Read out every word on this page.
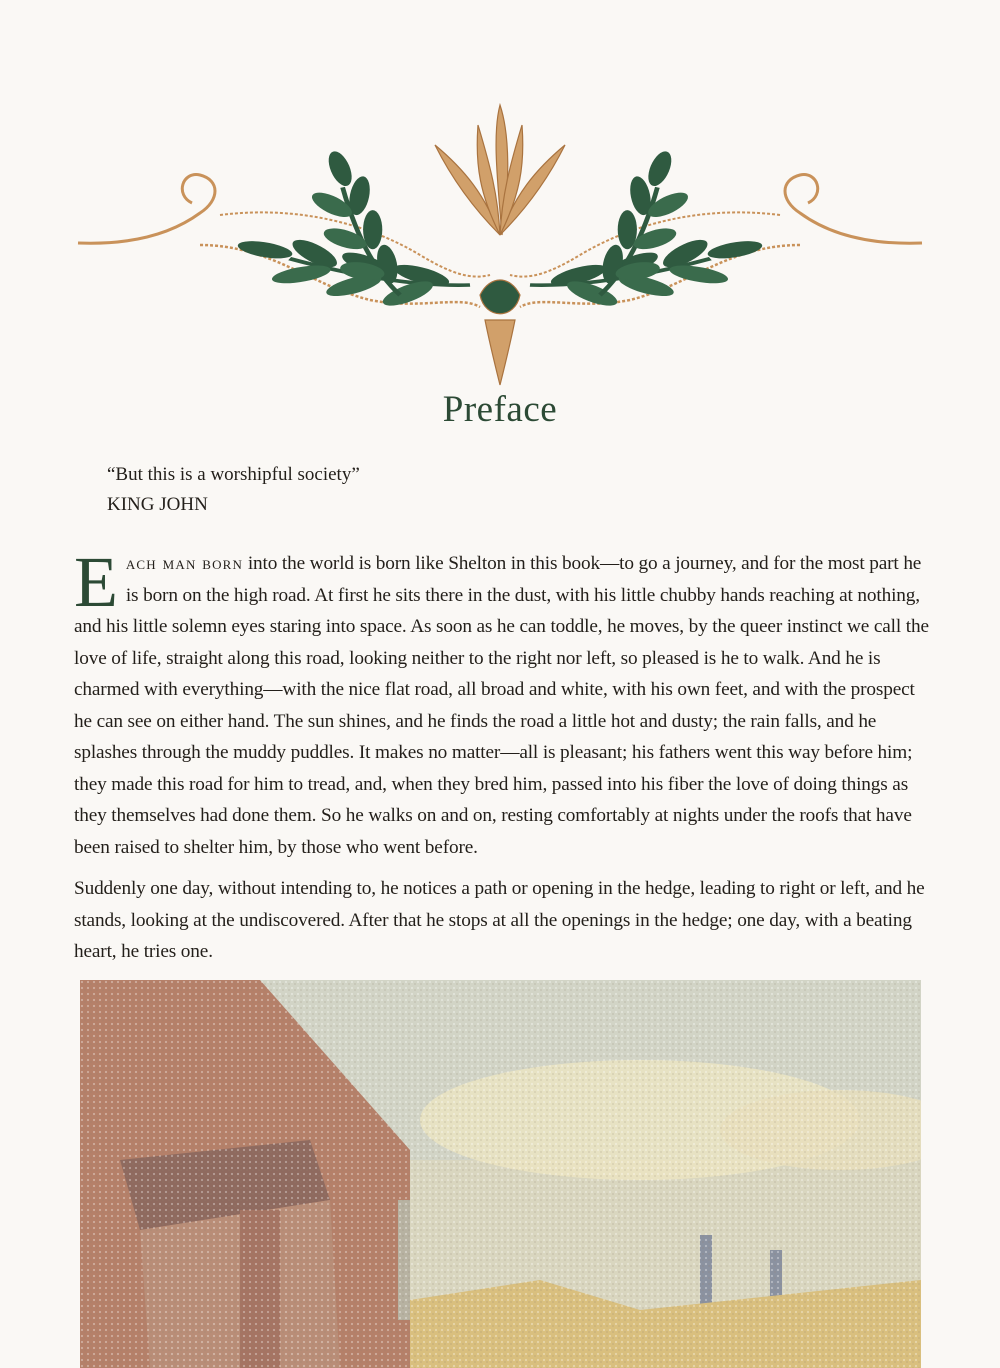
Preface
“But this is a worshipful society”
KING JOHN

Each man born into the world is born like Shelton in this book—to go a journey, and for the most part he is born on the high road. At first he sits there in the dust, with his little chubby hands reaching at nothing, and his little solemn eyes staring into space. As soon as he can toddle, he moves, by the queer instinct we call the love of life, straight along this road, looking neither to the right nor left, so pleased is he to walk. And he is charmed with everything—with the nice flat road, all broad and white, with his own feet, and with the prospect he can see on either hand. The sun shines, and he finds the road a little hot and dusty; the rain falls, and he splashes through the muddy puddles. It makes no matter—all is pleasant; his fathers went this way before him; they made this road for him to tread, and, when they bred him, passed into his fiber the love of doing things as they themselves had done them. So he walks on and on, resting comfortably at nights under the roofs that have been raised to shelter him, by those who went before.

Suddenly one day, without intending to, he notices a path or opening in the hedge, leading to right or left, and he stands, looking at the undiscovered. After that he stops at all the openings in the hedge; one day, with a beating heart, he tries one.
